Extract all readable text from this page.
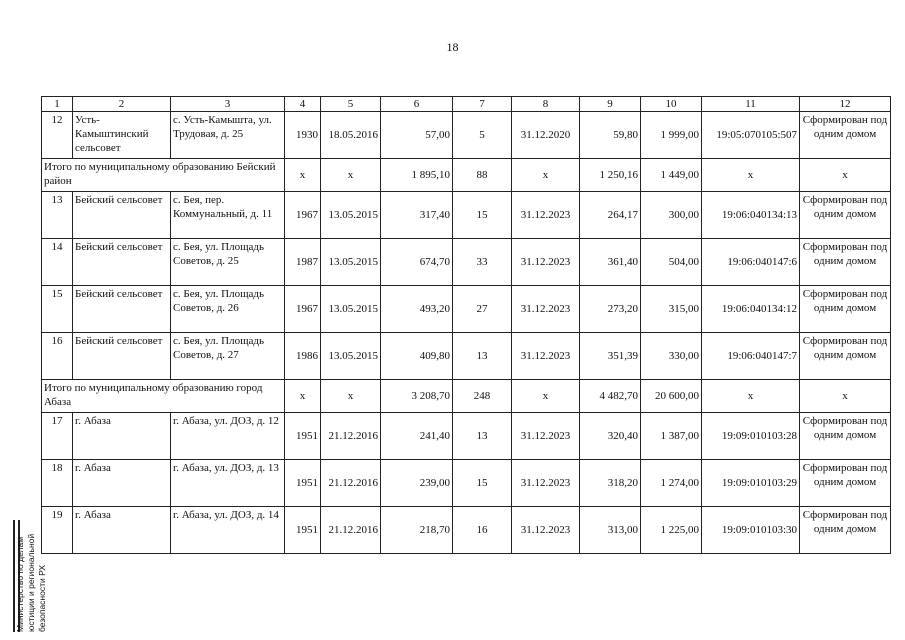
18
1	2	3	4	5	6	7	8	9	10	11	12
12	Усть-Камыштинский сельсовет	с. Усть-Камышта, ул. Трудовая, д. 25	1930	18.05.2016	57,00	5	31.12.2020	59,80	1 999,00	19:05:070105:507	Сформирован под одним домом
Итого по муниципальному образованию Бейский район			х	х	1 895,10	88	х	1 250,16	1 449,00	х	х
13	Бейский сельсовет	с. Бея, пер. Коммунальный, д. 11	1967	13.05.2015	317,40	15	31.12.2023	264,17	300,00	19:06:040134:13	Сформирован под одним домом
14	Бейский сельсовет	с. Бея, ул. Площадь Советов, д. 25	1987	13.05.2015	674,70	33	31.12.2023	361,40	504,00	19:06:040147:6	Сформирован под одним домом
15	Бейский сельсовет	с. Бея, ул. Площадь Советов, д. 26	1967	13.05.2015	493,20	27	31.12.2023	273,20	315,00	19:06:040134:12	Сформирован под одним домом
16	Бейский сельсовет	с. Бея, ул. Площадь Советов, д. 27	1986	13.05.2015	409,80	13	31.12.2023	351,39	330,00	19:06:040147:7	Сформирован под одним домом
Итого по муниципальному образованию город Абаза			х	х	3 208,70	248	х	4 482,70	20 600,00	х	х
17	г. Абаза	г. Абаза, ул. ДОЗ, д. 12	1951	21.12.2016	241,40	13	31.12.2023	320,40	1 387,00	19:09:010103:28	Сформирован под одним домом
18	г. Абаза	г. Абаза, ул. ДОЗ, д. 13	1951	21.12.2016	239,00	15	31.12.2023	318,20	1 274,00	19:09:010103:29	Сформирован под одним домом
19	г. Абаза	г. Абаза, ул. ДОЗ, д. 14	1951	21.12.2016	218,70	16	31.12.2023	313,00	1 225,00	19:09:010103:30	Сформирован под одним домом
Министерство по делам юстиции и региональной безопасности РХ
